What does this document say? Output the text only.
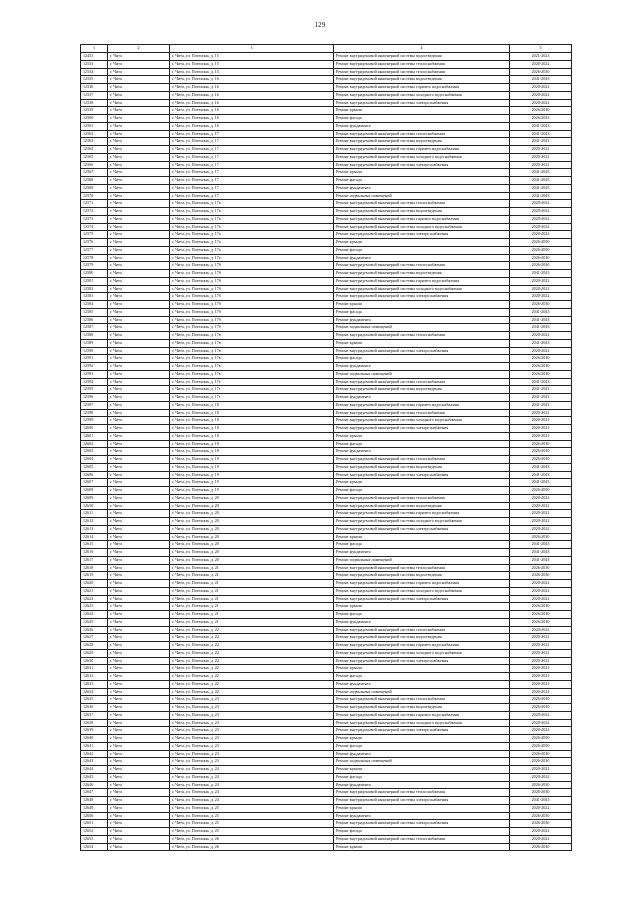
129
1	2	3	4	5
12453	г. Чита	г. Чита, ул. Потехина, д. 15	Ремонт внутридомовой инженерной системы водоотведения	2021-2023
12533	г. Чита	г. Чита, ул. Потехина, д. 15	Ремонт внутридомовой инженерной системы теплоснабжения	2020-2022
12534	г. Чита	г. Чита, ул. Потехина, д. 15	Ремонт внутридомовой инженерной системы теплоснабжения	2026-2030
12535	г. Чита	г. Чита, ул. Потехина, д. 16	Ремонт внутридомовой инженерной системы водоотведения	2041-2043
12536	г. Чита	г. Чита, ул. Потехина, д. 16	Ремонт внутридомовой инженерной системы горячего водоснабжения	2020-2022
12537	г. Чита	г. Чита, ул. Потехина, д. 16	Ремонт внутридомовой инженерной системы холодного водоснабжения	2020-2022
12538	г. Чита	г. Чита, ул. Потехина, д. 16	Ремонт внутридомовой инженерной системы электроснабжения	2020-2022
12539	г. Чита	г. Чита, ул. Потехина, д. 16	Ремонт крыши	2026-2030
12560	г. Чита	г. Чита, ул. Потехина, д. 16	Ремонт фасада	2026-2033
12561	г. Чита	г. Чита, ул. Потехина, д. 16	Ремонт фундамента	2041-2043
12562	г. Чита	г. Чита, ул. Потехина, д. 17	Ремонт внутридомовой инженерной системы теплоснабжения	2041-2043
12563	г. Чита	г. Чита, ул. Потехина, д. 17	Ремонт внутридомовой инженерной системы водоотведения	2041-2043
12564	г. Чита	г. Чита, ул. Потехина, д. 17	Ремонт внутридомовой инженерной системы горячего водоснабжения	2020-2022
12565	г. Чита	г. Чита, ул. Потехина, д. 17	Ремонт внутридомовой инженерной системы холодного водоснабжения	2020-2022
12566	г. Чита	г. Чита, ул. Потехина, д. 17	Ремонт внутридомовой инженерной системы электроснабжения	2020-2022
12567	г. Чита	г. Чита, ул. Потехина, д. 17	Ремонт крыши	2041-2043
12568	г. Чита	г. Чита, ул. Потехина, д. 17	Ремонт фасада	2041-2043
12569	г. Чита	г. Чита, ул. Потехина, д. 17	Ремонт фундамента	2041-2043
12570	г. Чита	г. Чита, ул. Потехина, д. 17	Ремонт подвальных помещений	2041-2043
12571	г. Чита	г. Чита, ул. Потехина, д. 17а	Ремонт внутридомовой инженерной системы теплоснабжения	2020-2022
12572	г. Чита	г. Чита, ул. Потехина, д. 17а	Ремонт внутридомовой инженерной системы водоотведения	2020-2022
12573	г. Чита	г. Чита, ул. Потехина, д. 17а	Ремонт внутридомовой инженерной системы горячего водоснабжения	2020-2022
12574	г. Чита	г. Чита, ул. Потехина, д. 17а	Ремонт внутридомовой инженерной системы холодного водоснабжения	2020-2022
12575	г. Чита	г. Чита, ул. Потехина, д. 17а	Ремонт внутридомовой инженерной системы электроснабжения	2020-2022
12576	г. Чита	г. Чита, ул. Потехина, д. 17а	Ремонт крыши	2026-2030
12577	г. Чита	г. Чита, ул. Потехина, д. 17а	Ремонт фасада	2026-2030
12578	г. Чита	г. Чита, ул. Потехина, д. 17а	Ремонт фундамента	2026-2030
12579	г. Чита	г. Чита, ул. Потехина, д. 17б	Ремонт внутридомовой инженерной системы теплоснабжения	2026-2030
12580	г. Чита	г. Чита, ул. Потехина, д. 17б	Ремонт внутридомовой инженерной системы водоотведения	2041-2043
12581	г. Чита	г. Чита, ул. Потехина, д. 17б	Ремонт внутридомовой инженерной системы горячего водоснабжения	2020-2022
12582	г. Чита	г. Чита, ул. Потехина, д. 17б	Ремонт внутридомовой инженерной системы холодного водоснабжения	2020-2022
12583	г. Чита	г. Чита, ул. Потехина, д. 17б	Ремонт внутридомовой инженерной системы электроснабжения	2020-2022
12584	г. Чита	г. Чита, ул. Потехина, д. 17б	Ремонт крыши	2026-2030
12585	г. Чита	г. Чита, ул. Потехина, д. 17б	Ремонт фасада	2041-2043
12586	г. Чита	г. Чита, ул. Потехина, д. 17б	Ремонт фундамента	2041-2043
12587	г. Чита	г. Чита, ул. Потехина, д. 17б	Ремонт подвальных помещений	2041-2043
12588	г. Чита	г. Чита, ул. Потехина, д. 17в	Ремонт внутридомовой инженерной системы теплоснабжения	2020-2022
12589	г. Чита	г. Чита, ул. Потехина, д. 17в	Ремонт крыши	2041-2043
12590	г. Чита	г. Чита, ул. Потехина, д. 17в	Ремонт внутридомовой инженерной системы электроснабжения	2020-2022
12591	г. Чита	г. Чита, ул. Потехина, д. 17в	Ремонт фасада	2026-2030
12592	г. Чита	г. Чита, ул. Потехина, д. 17в	Ремонт фундамента	2026-2030
12593	г. Чита	г. Чита, ул. Потехина, д. 17в	Ремонт подвальных помещений	2026-2030
12594	г. Чита	г. Чита, ул. Потехина, д. 17г	Ремонт внутридомовой инженерной системы теплоснабжения	2041-2043
12595	г. Чита	г. Чита, ул. Потехина, д. 17г	Ремонт внутридомовой инженерной системы водоотведения	2041-2043
12596	г. Чита	г. Чита, ул. Потехина, д. 17г	Ремонт фундамента	2041-2043
12597	г. Чита	г. Чита, ул. Потехина, д. 18	Ремонт внутридомовой инженерной системы горячего водоснабжения	2041-2043
12598	г. Чита	г. Чита, ул. Потехина, д. 18	Ремонт внутридомовой инженерной системы теплоснабжения	2020-2022
12599	г. Чита	г. Чита, ул. Потехина, д. 18	Ремонт внутридомовой инженерной системы холодного водоснабжения	2020-2022
12600	г. Чита	г. Чита, ул. Потехина, д. 18	Ремонт внутридомовой инженерной системы электроснабжения	2020-2022
12601	г. Чита	г. Чита, ул. Потехина, д. 18	Ремонт крыши	2020-2022
12602	г. Чита	г. Чита, ул. Потехина, д. 18	Ремонт фасада	2026-2030
12603	г. Чита	г. Чита, ул. Потехина, д. 18	Ремонт фундамента	2026-2030
12604	г. Чита	г. Чита, ул. Потехина, д. 19	Ремонт внутридомовой инженерной системы теплоснабжения	2026-2030
12605	г. Чита	г. Чита, ул. Потехина, д. 19	Ремонт внутридомовой инженерной системы водоотведения	2041-2043
12606	г. Чита	г. Чита, ул. Потехина, д. 19	Ремонт внутридомовой инженерной системы электроснабжения	2041-2043
12607	г. Чита	г. Чита, ул. Потехина, д. 19	Ремонт крыши	2041-2043
12608	г. Чита	г. Чита, ул. Потехина, д. 19	Ремонт фасада	2026-2030
12609	г. Чита	г. Чита, ул. Потехина, д. 20	Ремонт внутридомовой инженерной системы теплоснабжения	2020-2022
12610	г. Чита	г. Чита, ул. Потехина, д. 20	Ремонт внутридомовой инженерной системы водоотведения	2020-2022
12611	г. Чита	г. Чита, ул. Потехина, д. 20	Ремонт внутридомовой инженерной системы горячего водоснабжения	2020-2022
12612	г. Чита	г. Чита, ул. Потехина, д. 20	Ремонт внутридомовой инженерной системы холодного водоснабжения	2020-2022
12613	г. Чита	г. Чита, ул. Потехина, д. 20	Ремонт внутридомовой инженерной системы электроснабжения	2020-2022
12614	г. Чита	г. Чита, ул. Потехина, д. 20	Ремонт крыши	2026-2030
12615	г. Чита	г. Чита, ул. Потехина, д. 20	Ремонт фасада	2041-2043
12616	г. Чита	г. Чита, ул. Потехина, д. 20	Ремонт фундамента	2041-2043
12617	г. Чита	г. Чита, ул. Потехина, д. 20	Ремонт подвальных помещений	2041-2043
12618	г. Чита	г. Чита, ул. Потехина, д. 21	Ремонт внутридомовой инженерной системы теплоснабжения	2026-2030
12619	г. Чита	г. Чита, ул. Потехина, д. 21	Ремонт внутридомовой инженерной системы водоотведения	2026-2030
12620	г. Чита	г. Чита, ул. Потехина, д. 21	Ремонт внутридомовой инженерной системы горячего водоснабжения	2020-2022
12621	г. Чита	г. Чита, ул. Потехина, д. 21	Ремонт внутридомовой инженерной системы холодного водоснабжения	2020-2022
12622	г. Чита	г. Чита, ул. Потехина, д. 21	Ремонт внутридомовой инженерной системы электроснабжения	2020-2022
12623	г. Чита	г. Чита, ул. Потехина, д. 21	Ремонт крыши	2026-2030
12624	г. Чита	г. Чита, ул. Потехина, д. 21	Ремонт фасада	2026-2030
12625	г. Чита	г. Чита, ул. Потехина, д. 21	Ремонт фундамента	2026-2030
12626	г. Чита	г. Чита, ул. Потехина, д. 22	Ремонт внутридомовой инженерной системы теплоснабжения	2020-2022
12627	г. Чита	г. Чита, ул. Потехина, д. 22	Ремонт внутридомовой инженерной системы водоотведения	2020-2022
12628	г. Чита	г. Чита, ул. Потехина, д. 22	Ремонт внутридомовой инженерной системы горячего водоснабжения	2020-2022
12629	г. Чита	г. Чита, ул. Потехина, д. 22	Ремонт внутридомовой инженерной системы холодного водоснабжения	2020-2022
12630	г. Чита	г. Чита, ул. Потехина, д. 22	Ремонт внутридомовой инженерной системы электроснабжения	2020-2022
12631	г. Чита	г. Чита, ул. Потехина, д. 22	Ремонт крыши	2020-2022
12632	г. Чита	г. Чита, ул. Потехина, д. 22	Ремонт фасада	2020-2022
12633	г. Чита	г. Чита, ул. Потехина, д. 22	Ремонт фундамента	2020-2022
12634	г. Чита	г. Чита, ул. Потехина, д. 22	Ремонт подвальных помещений	2020-2022
12635	г. Чита	г. Чита, ул. Потехина, д. 23	Ремонт внутридомовой инженерной системы теплоснабжения	2026-2030
12636	г. Чита	г. Чита, ул. Потехина, д. 23	Ремонт внутридомовой инженерной системы водоотведения	2026-2030
12637	г. Чита	г. Чита, ул. Потехина, д. 23	Ремонт внутридомовой инженерной системы горячего водоснабжения	2020-2022
12638	г. Чита	г. Чита, ул. Потехина, д. 23	Ремонт внутридомовой инженерной системы холодного водоснабжения	2020-2022
12639	г. Чита	г. Чита, ул. Потехина, д. 23	Ремонт внутридомовой инженерной системы электроснабжения	2020-2022
12640	г. Чита	г. Чита, ул. Потехина, д. 23	Ремонт крыши	2026-2030
12641	г. Чита	г. Чита, ул. Потехина, д. 23	Ремонт фасада	2026-2030
12642	г. Чита	г. Чита, ул. Потехина, д. 23	Ремонт фундамента	2026-2030
12643	г. Чита	г. Чита, ул. Потехина, д. 23	Ремонт подвальных помещений	2026-2030
12644	г. Чита	г. Чита, ул. Потехина, д. 24	Ремонт крыши	2020-2022
12645	г. Чита	г. Чита, ул. Потехина, д. 24	Ремонт фасада	2020-2022
12646	г. Чита	г. Чита, ул. Потехина, д. 24	Ремонт фундамента	2026-2030
12647	г. Чита	г. Чита, ул. Потехина, д. 24	Ремонт внутридомовой инженерной системы теплоснабжения	2026-2030
12648	г. Чита	г. Чита, ул. Потехина, д. 24	Ремонт внутридомовой инженерной системы электроснабжения	2041-2043
12649	г. Чита	г. Чита, ул. Потехина, д. 25	Ремонт крыши	2020-2022
12650	г. Чита	г. Чита, ул. Потехина, д. 25	Ремонт фундамента	2026-2030
12651	г. Чита	г. Чита, ул. Потехина, д. 25	Ремонт внутридомовой инженерной системы электроснабжения	2026-2030
12652	г. Чита	г. Чита, ул. Потехина, д. 25	Ремонт фасада	2020-2022
12653	г. Чита	г. Чита, ул. Потехина, д. 26	Ремонт внутридомовой инженерной системы теплоснабжения	2020-2022
12654	г. Чита	г. Чита, ул. Потехина, д. 26	Ремонт крыши	2026-2030
